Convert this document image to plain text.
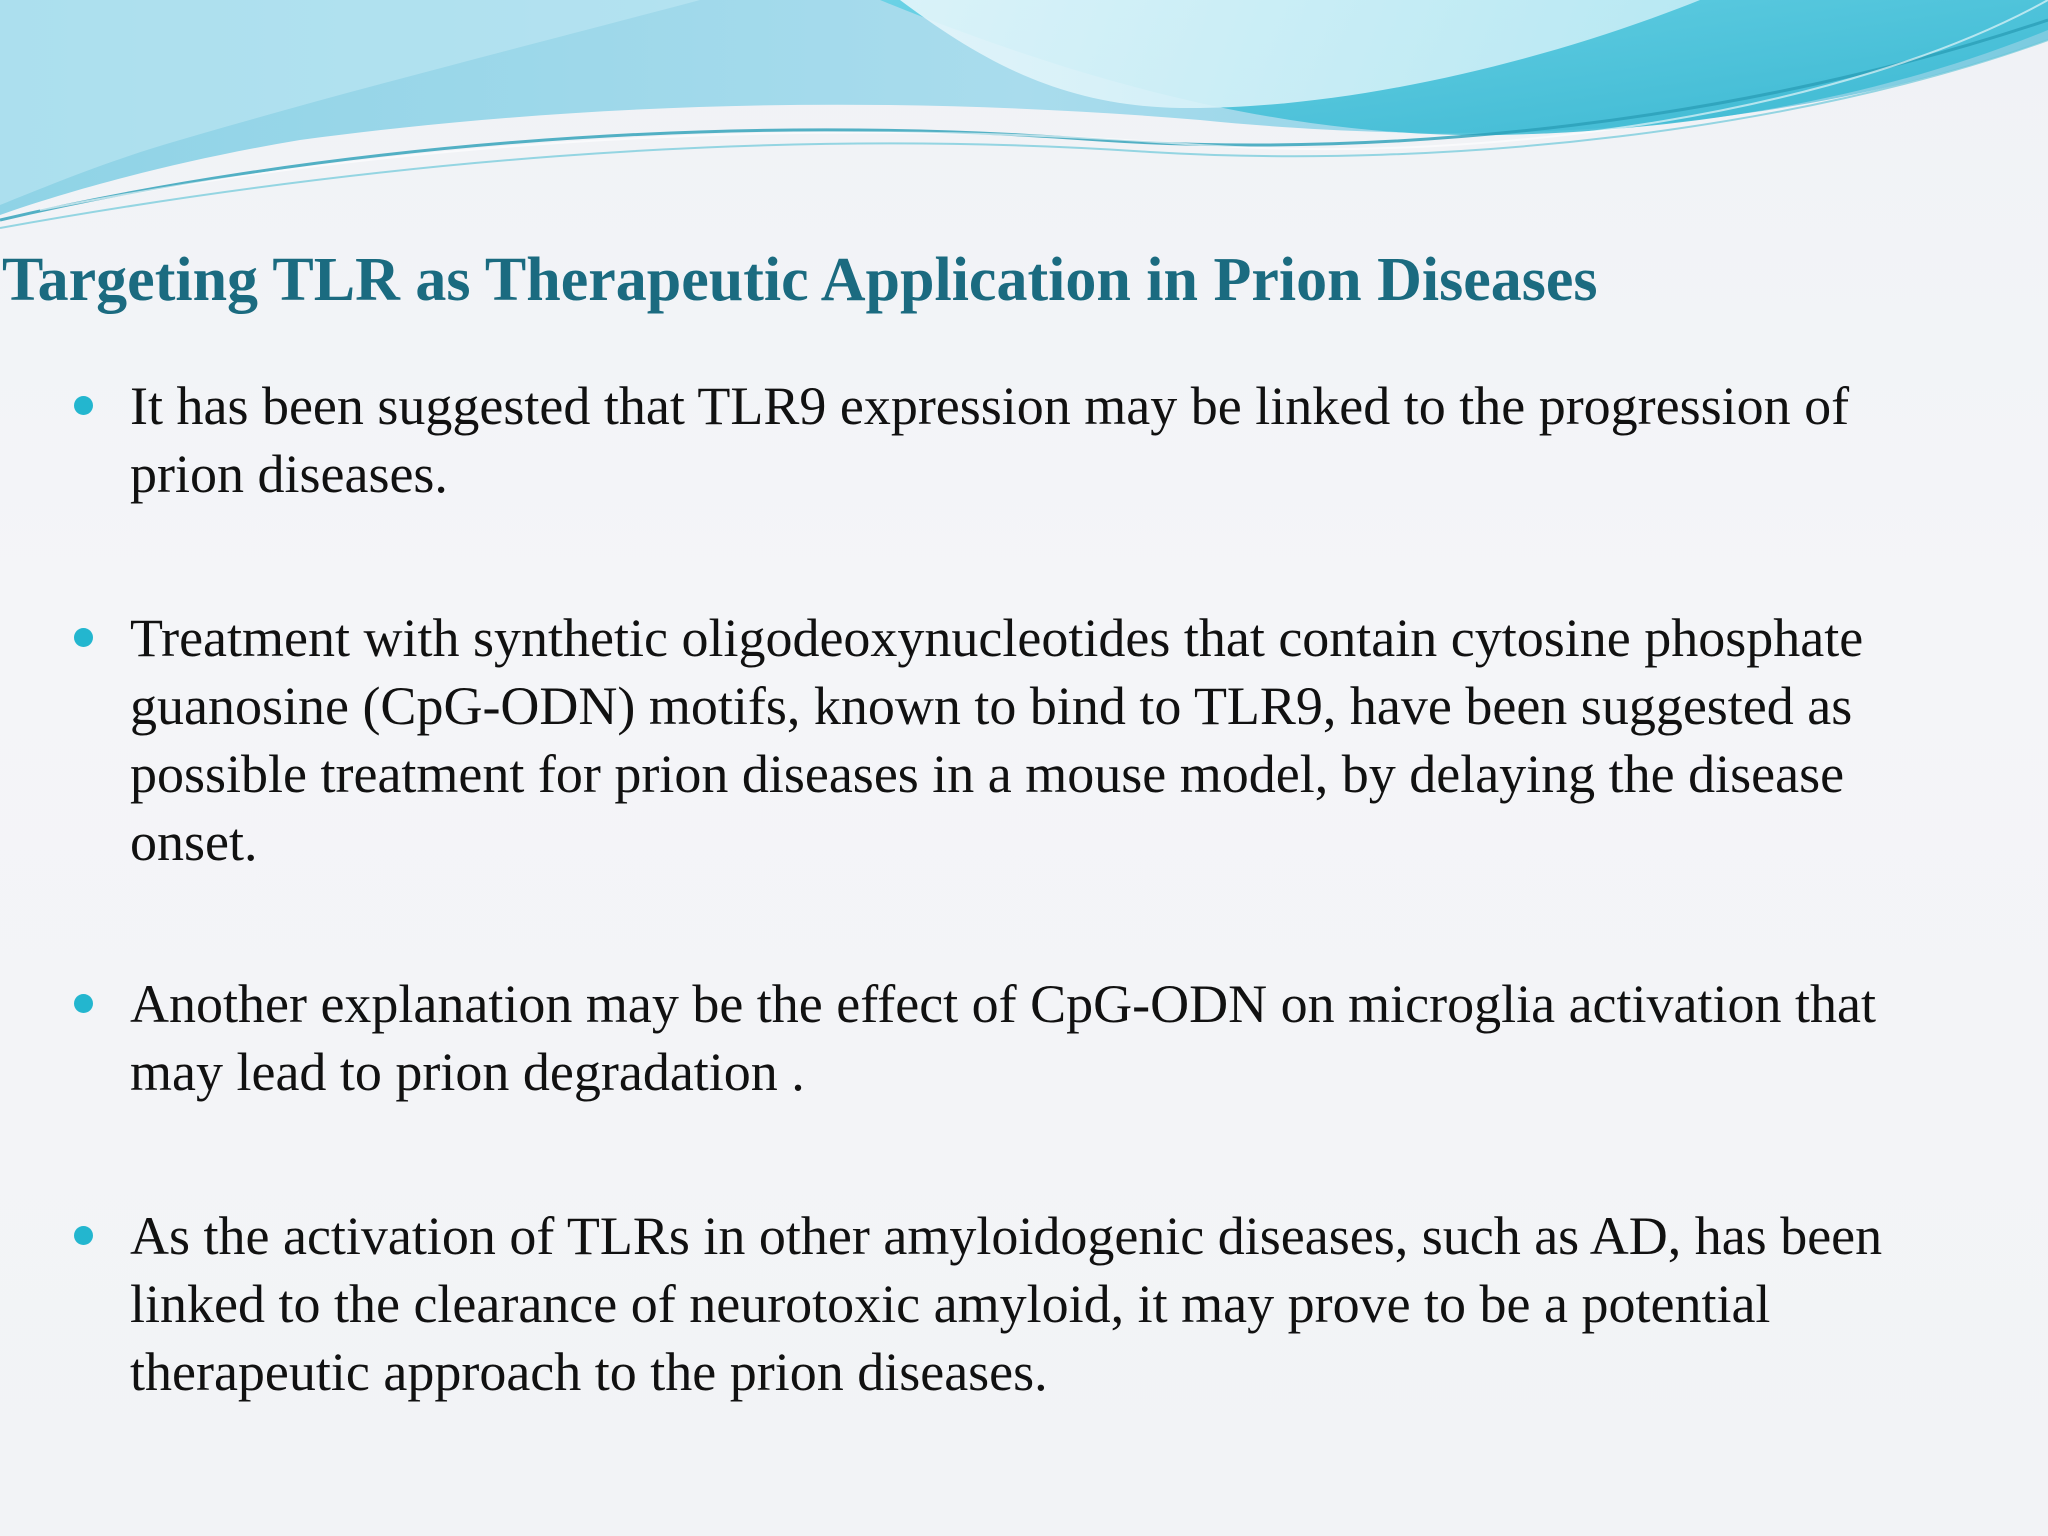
Targeting TLR as Therapeutic Application in Prion Diseases
It has been suggested that TLR9 expression may be linked to the progression of
prion diseases.
Treatment with synthetic oligodeoxynucleotides that contain cytosine phosphate
guanosine (CpG-ODN) motifs, known to bind to TLR9, have been suggested as
possible treatment for prion diseases in a mouse model, by delaying the disease
onset.
Another explanation may be the effect of CpG-ODN on microglia activation that
may lead to prion degradation .
As the activation of TLRs in other amyloidogenic diseases, such as AD, has been
linked to the clearance of neurotoxic amyloid, it may prove to be a potential
therapeutic approach to the prion diseases.
